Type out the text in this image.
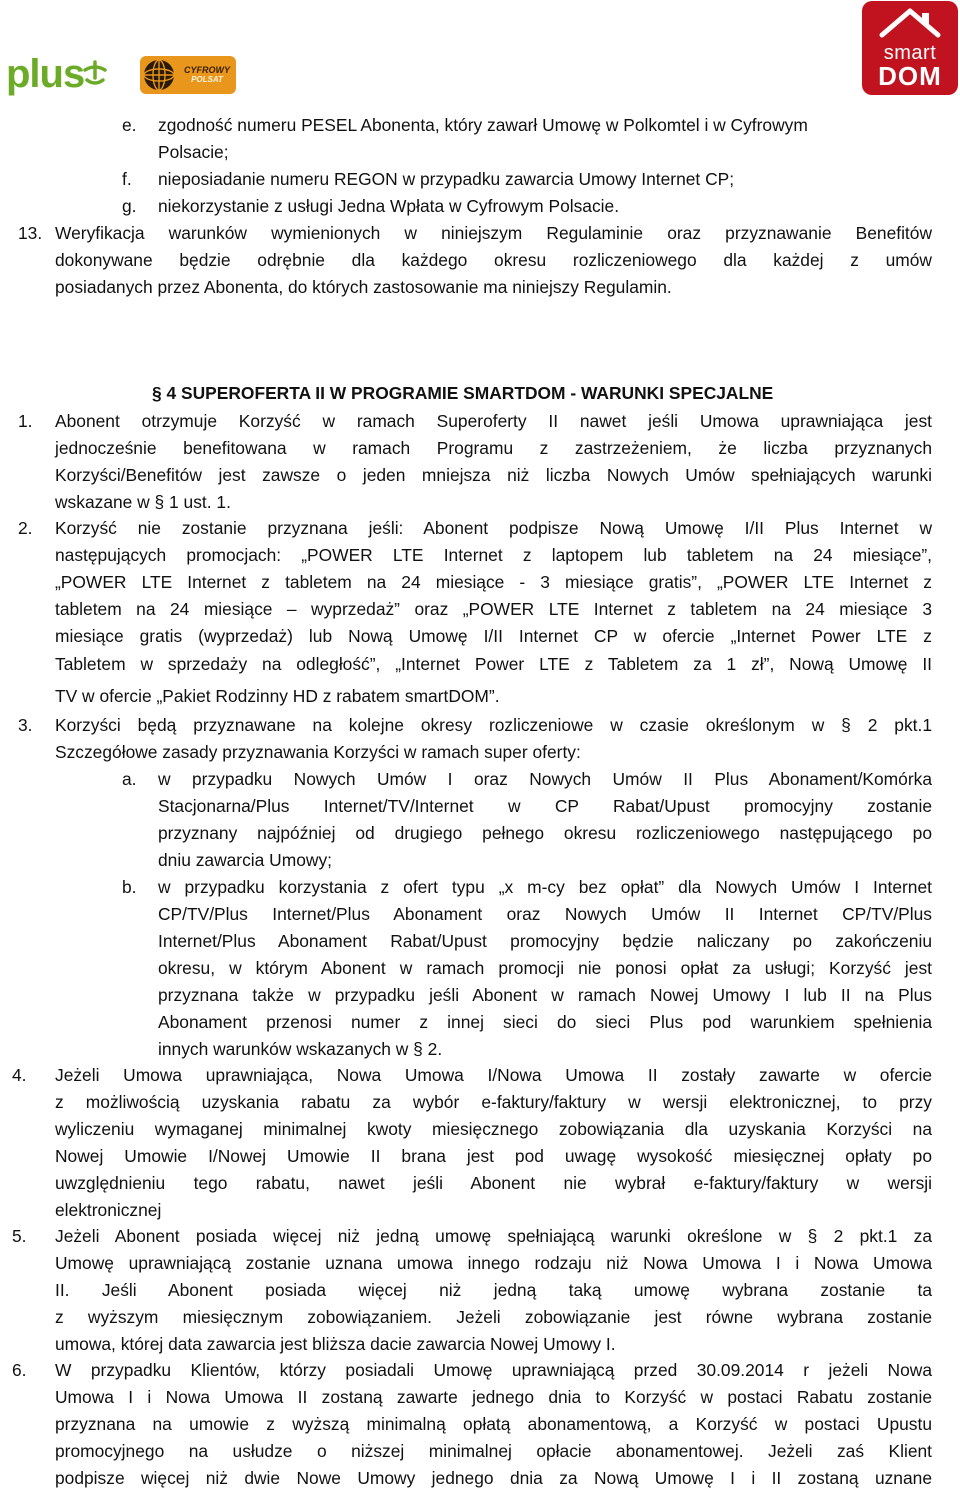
plus	CYFROWY
POLSAT
smart
DOM
e. zgodność numeru PESEL Abonenta, który zawarł Umowę w Polkomtel i w Cyfrowym
Polsacie;
f. nieposiadanie numeru REGON w przypadku zawarcia Umowy Internet CP;
g. niekorzystanie z usługi Jedna Wpłata w Cyfrowym Polsacie.
13. Weryfikacja warunków wymienionych w niniejszym Regulaminie oraz przyznawanie Benefitów
dokonywane będzie odrębnie dla każdego okresu rozliczeniowego dla każdej z umów
posiadanych przez Abonenta, do których zastosowanie ma niniejszy Regulamin.
§ 4 SUPEROFERTA II W PROGRAMIE SMARTDOM - WARUNKI SPECJALNE
1. Abonent otrzymuje Korzyść w ramach Superoferty II nawet jeśli Umowa uprawniająca jest
jednocześnie benefitowana w ramach Programu z zastrzeżeniem, że liczba przyznanych
Korzyści/Benefitów jest zawsze o jeden mniejsza niż liczba Nowych Umów spełniających warunki
wskazane w § 1 ust. 1.
2. Korzyść nie zostanie przyznana jeśli: Abonent podpisze Nową Umowę I/II Plus Internet w
następujących promocjach: „POWER LTE Internet z laptopem lub tabletem na 24 miesiące”,
„POWER LTE Internet z tabletem na 24 miesiące - 3 miesiące gratis”, „POWER LTE Internet z
tabletem na 24 miesiące – wyprzedaż” oraz „POWER LTE Internet z tabletem na 24 miesiące 3
miesiące gratis (wyprzedaż) lub Nową Umowę I/II Internet CP w ofercie „Internet Power LTE z
Tabletem w sprzedaży na odległość”, „Internet Power LTE z Tabletem za 1 zł”, Nową Umowę II
TV w ofercie „Pakiet Rodzinny HD z rabatem smartDOM”.
3. Korzyści będą przyznawane na kolejne okresy rozliczeniowe w czasie określonym w § 2 pkt.1
Szczegółowe zasady przyznawania Korzyści w ramach super oferty:
a. w przypadku Nowych Umów I oraz Nowych Umów II Plus Abonament/Komórka
Stacjonarna/Plus Internet/TV/Internet w CP Rabat/Upust promocyjny zostanie
przyznany najpóźniej od drugiego pełnego okresu rozliczeniowego następującego po
dniu zawarcia Umowy;
b. w przypadku korzystania z ofert typu „x m-cy bez opłat” dla Nowych Umów I Internet
CP/TV/Plus Internet/Plus Abonament oraz Nowych Umów II Internet CP/TV/Plus
Internet/Plus Abonament Rabat/Upust promocyjny będzie naliczany po zakończeniu
okresu, w którym Abonent w ramach promocji nie ponosi opłat za usługi; Korzyść jest
przyznana także w przypadku jeśli Abonent w ramach Nowej Umowy I lub II na Plus
Abonament przenosi numer z innej sieci do sieci Plus pod warunkiem spełnienia
innych warunków wskazanych w § 2.
4. Jeżeli Umowa uprawniająca, Nowa Umowa I/Nowa Umowa II zostały zawarte w ofercie
z możliwością uzyskania rabatu za wybór e-faktury/faktury w wersji elektronicznej, to przy
wyliczeniu wymaganej minimalnej kwoty miesięcznego zobowiązania dla uzyskania Korzyści na
Nowej Umowie I/Nowej Umowie II brana jest pod uwagę wysokość miesięcznej opłaty po
uwzględnieniu tego rabatu, nawet jeśli Abonent nie wybrał e-faktury/faktury w wersji
elektronicznej
5. Jeżeli Abonent posiada więcej niż jedną umowę spełniającą warunki określone w § 2 pkt.1 za
Umowę uprawniającą zostanie uznana umowa innego rodzaju niż Nowa Umowa I i Nowa Umowa
II. Jeśli Abonent posiada więcej niż jedną taką umowę wybrana zostanie ta
z wyższym miesięcznym zobowiązaniem. Jeżeli zobowiązanie jest równe wybrana zostanie
umowa, której data zawarcia jest bliższa dacie zawarcia Nowej Umowy I.
6. W przypadku Klientów, którzy posiadali Umowę uprawniającą przed 30.09.2014 r jeżeli Nowa
Umowa I i Nowa Umowa II zostaną zawarte jednego dnia to Korzyść w postaci Rabatu zostanie
przyznana na umowie z wyższą minimalną opłatą abonamentową, a Korzyść w postaci Upustu
promocyjnego na usłudze o niższej minimalnej opłacie abonamentowej. Jeżeli zaś Klient
podpisze więcej niż dwie Nowe Umowy jednego dnia za Nową Umowę I i II zostaną uznane
